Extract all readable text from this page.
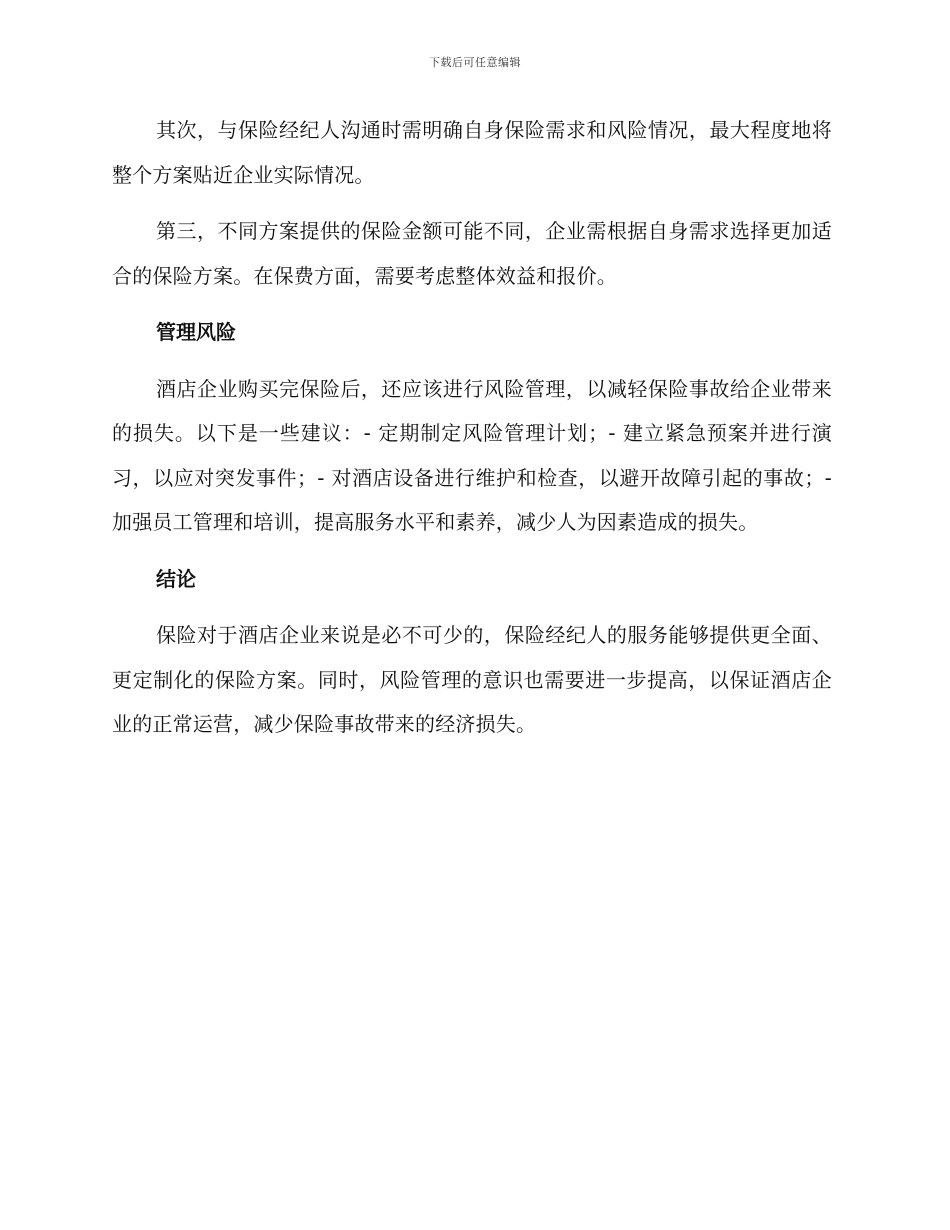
下载后可任意编辑

其次，与保险经纪人沟通时需明确自身保险需求和风险情况，最大程度地将整个方案贴近企业实际情况。

第三，不同方案提供的保险金额可能不同，企业需根据自身需求选择更加适合的保险方案。在保费方面，需要考虑整体效益和报价。

管理风险

酒店企业购买完保险后，还应该进行风险管理，以减轻保险事故给企业带来的损失。以下是一些建议：- 定期制定风险管理计划；- 建立紧急预案并进行演习，以应对突发事件；- 对酒店设备进行维护和检查，以避开故障引起的事故；- 加强员工管理和培训，提高服务水平和素养，减少人为因素造成的损失。

结论

保险对于酒店企业来说是必不可少的，保险经纪人的服务能够提供更全面、更定制化的保险方案。同时，风险管理的意识也需要进一步提高，以保证酒店企业的正常运营，减少保险事故带来的经济损失。
